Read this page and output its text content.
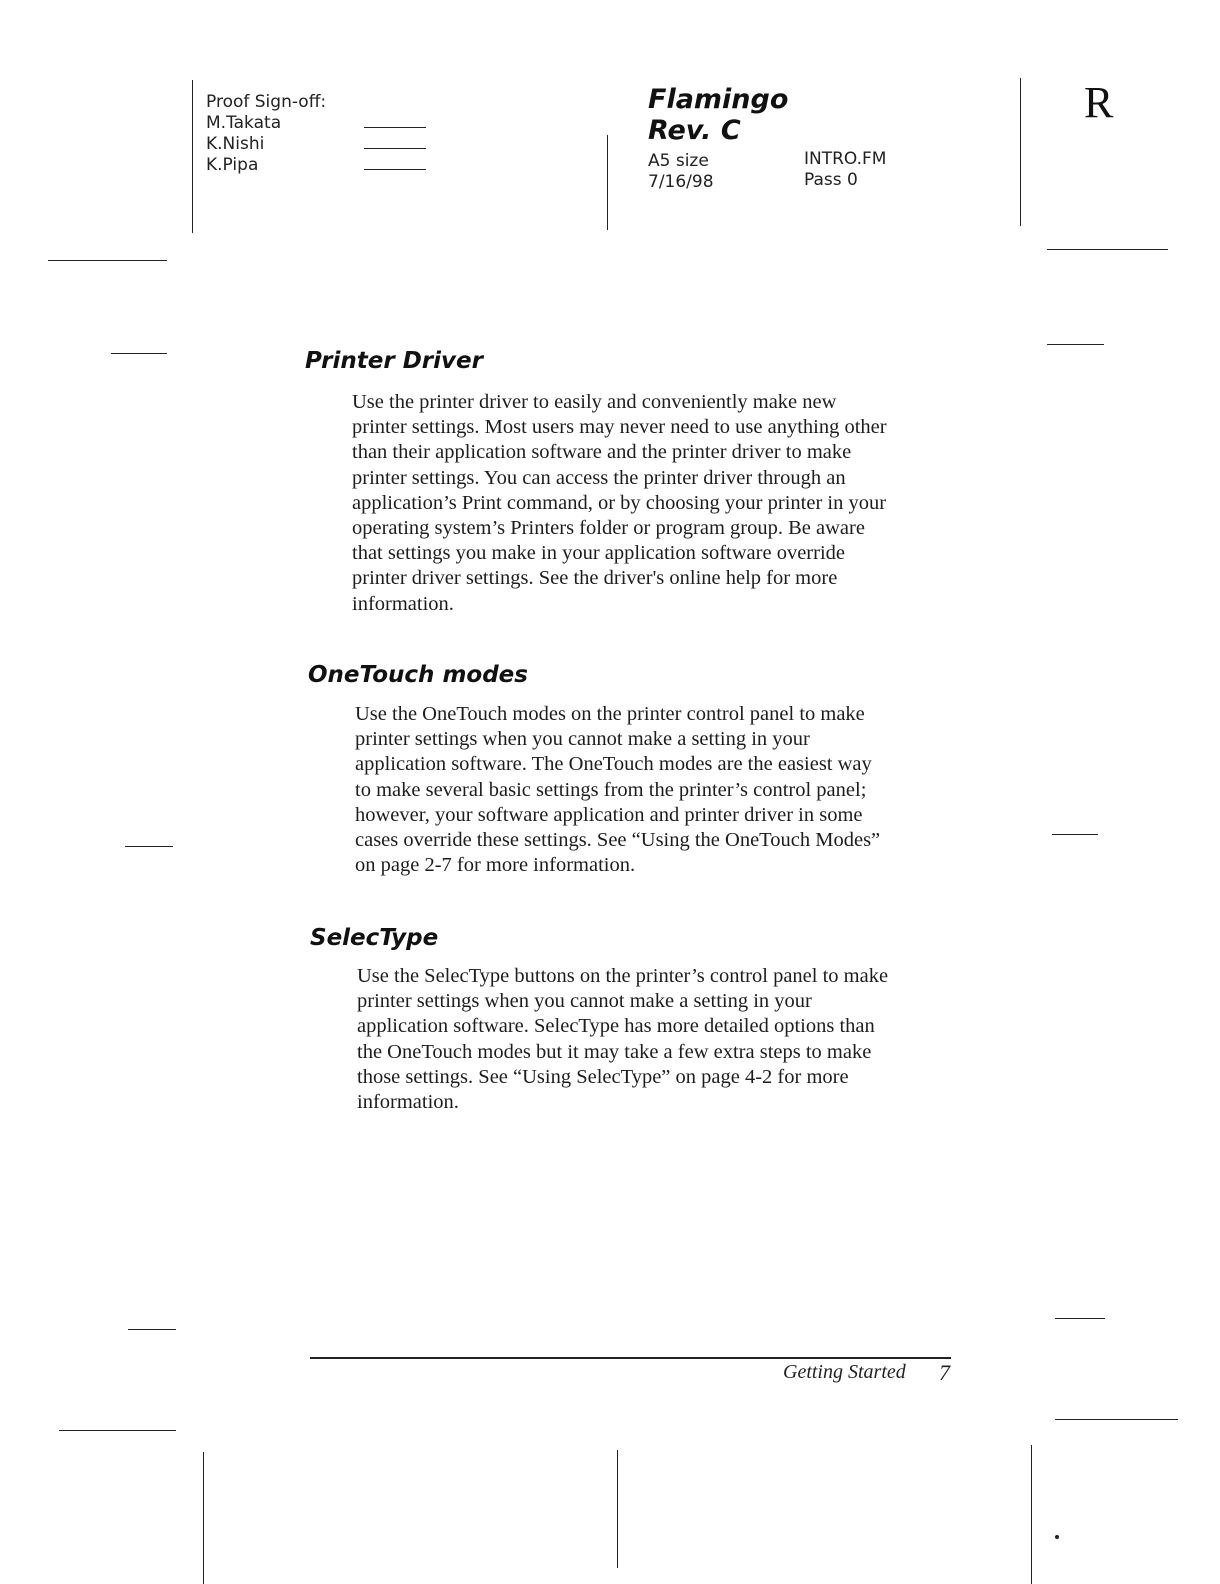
Proof Sign-off:
M.Takata
K.Nishi
K.Pipa
Flamingo
Rev. C
A5 size
7/16/98
INTRO.FM
Pass 0
R
Printer Driver

Use the printer driver to easily and conveniently make new

printer settings. Most users may never need to use anything other

than their application software and the printer driver to make

printer settings. You can access the printer driver through an

application’s Print command, or by choosing your printer in your

operating system’s Printers folder or program group. Be aware

that settings you make in your application software override

printer driver settings. See the driver's online help for more

information.

OneTouch modes

Use the OneTouch modes on the printer control panel to make

printer settings when you cannot make a setting in your

application software. The OneTouch modes are the easiest way

to make several basic settings from the printer’s control panel;

however, your software application and printer driver in some

cases override these settings. See “Using the OneTouch Modes”

on page 2-7 for more information.

SelecType

Use the SelecType buttons on the printer’s control panel to make

printer settings when you cannot make a setting in your

application software. SelecType has more detailed options than

the OneTouch modes but it may take a few extra steps to make

those settings. See “Using SelecType” on page 4-2 for more

information.

Getting Started 7
